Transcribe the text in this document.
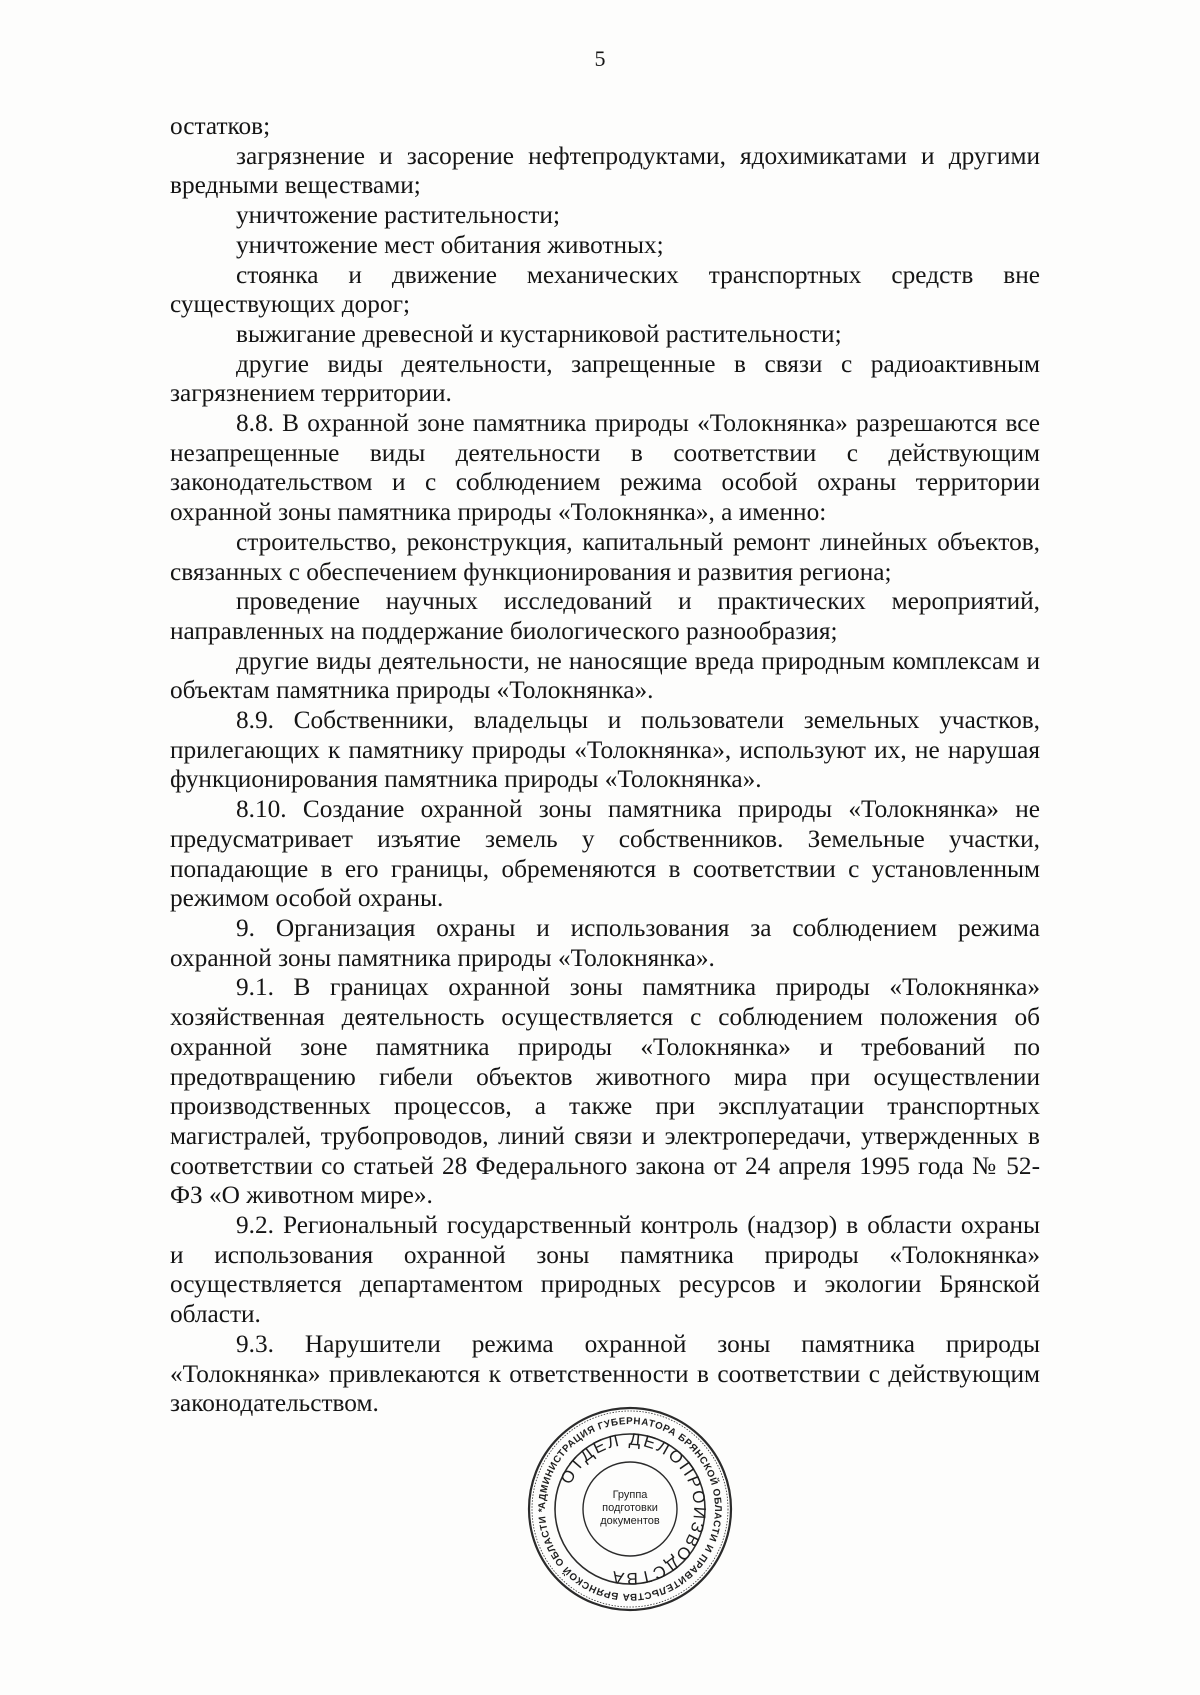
5

остатков;

загрязнение и засорение нефтепродуктами, ядохимикатами и другими вредными веществами;

уничтожение растительности;

уничтожение мест обитания животных;

стоянка и движение механических транспортных средств вне существующих дорог;

выжигание древесной и кустарниковой растительности;

другие виды деятельности, запрещенные в связи с радиоактивным загрязнением территории.

8.8. В охранной зоне памятника природы «Толокнянка» разрешаются все незапрещенные виды деятельности в соответствии с действующим законодательством и с соблюдением режима особой охраны территории охранной зоны памятника природы «Толокнянка», а именно:

строительство, реконструкция, капитальный ремонт линейных объектов, связанных с обеспечением функционирования и развития региона;

проведение научных исследований и практических мероприятий, направленных на поддержание биологического разнообразия;

другие виды деятельности, не наносящие вреда природным комплексам и объектам памятника природы «Толокнянка».

8.9. Собственники, владельцы и пользователи земельных участков, прилегающих к памятнику природы «Толокнянка», используют их, не нарушая функционирования памятника природы «Толокнянка».

8.10. Создание охранной зоны памятника природы «Толокнянка» не предусматривает изъятие земель у собственников. Земельные участки, попадающие в его границы, обременяются в соответствии с установленным режимом особой охраны.

9. Организация охраны и использования за соблюдением режима охранной зоны памятника природы «Толокнянка».

9.1. В границах охранной зоны памятника природы «Толокнянка» хозяйственная деятельность осуществляется с соблюдением положения об охранной зоне памятника природы «Толокнянка» и требований по предотвращению гибели объектов животного мира при осуществлении производственных процессов, а также при эксплуатации транспортных магистралей, трубопроводов, линий связи и электропередачи, утвержденных в соответствии со статьей 28 Федерального закона от 24 апреля 1995 года № 52-ФЗ «О животном мире».

9.2. Региональный государственный контроль (надзор) в области охраны и использования охранной зоны памятника природы «Толокнянка» осуществляется департаментом природных ресурсов и экологии Брянской области.

9.3. Нарушители режима охранной зоны памятника природы «Толокнянка» привлекаются к ответственности в соответствии с действующим законодательством.

АДМИНИСТРАЦИЯ ГУБЕРНАТОРА БРЯНСКОЙ ОБЛАСТИ И ПРАВИТЕЛЬСТВА БРЯНСКОЙ ОБЛАСТИ *
ОТДЕЛ ДЕЛОПРОИЗВОДСТВА
Группа подготовки документов
